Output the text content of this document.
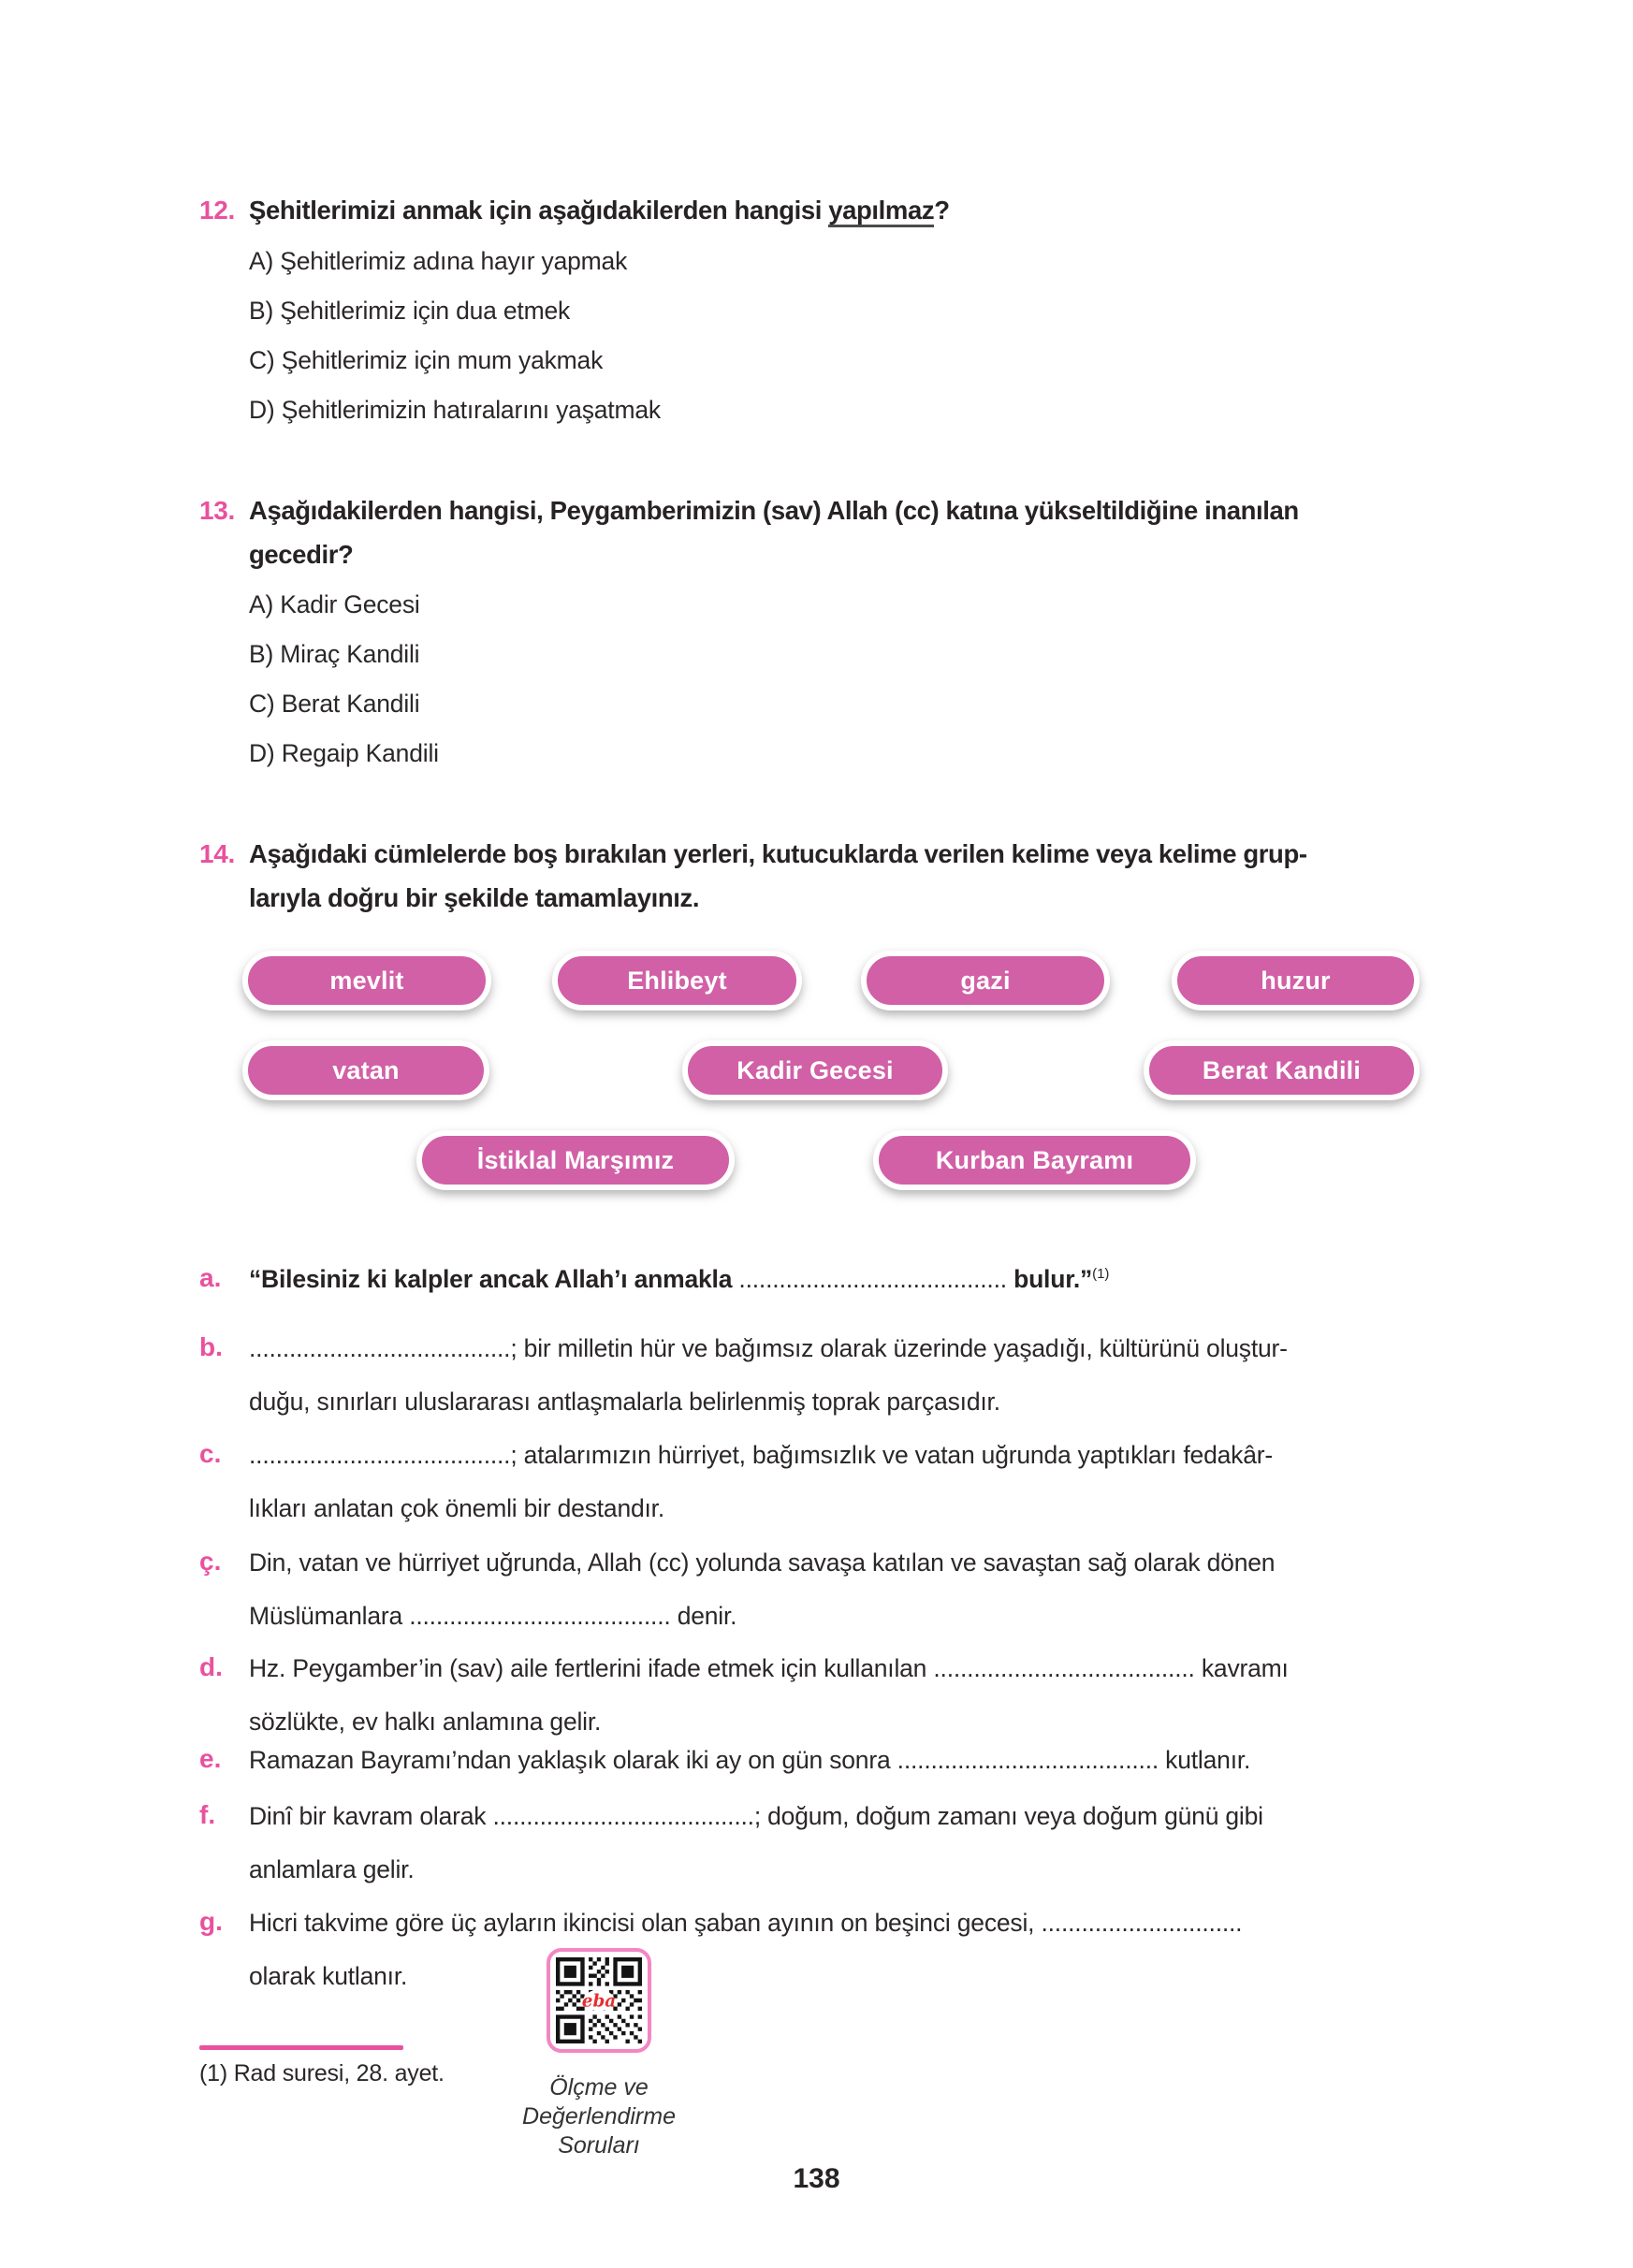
12. Şehitlerimizi anmak için aşağıdakilerden hangisi yapılmaz?
A) Şehitlerimiz adına hayır yapmak
B) Şehitlerimiz için dua etmek
C) Şehitlerimiz için mum yakmak
D) Şehitlerimizin hatıralarını yaşatmak
13. Aşağıdakilerden hangisi, Peygamberimizin (sav) Allah (cc) katına yükseltildiğine inanılan
gecedir?
A) Kadir Gecesi
B) Miraç Kandili
C) Berat Kandili
D) Regaip Kandili
14. Aşağıdaki cümlelerde boş bırakılan yerleri, kutucuklarda verilen kelime veya kelime grup-
larıyla doğru bir şekilde tamamlayınız.
mevlit	Ehlibeyt	gazi	huzur
vatan	Kadir Gecesi	Berat Kandili
İstiklal Marşımız	Kurban Bayramı
a. “Bilesiniz ki kalpler ancak Allah’ı anmakla ........................................ bulur.”$^{(1)}$
b. .......................................; bir milletin hür ve bağımsız olarak üzerinde yaşadığı, kültürünü oluştur-
duğu, sınırları uluslararası antlaşmalarla belirlenmiş toprak parçasıdır.
c. .......................................; atalarımızın hürriyet, bağımsızlık ve vatan uğrunda yaptıkları fedakâr-
lıkları anlatan çok önemli bir destandır.
ç. Din, vatan ve hürriyet uğrunda, Allah (cc) yolunda savaşa katılan ve savaştan sağ olarak dönen
Müslümanlara ....................................... denir.
d. Hz. Peygamber’in (sav) aile fertlerini ifade etmek için kullanılan ....................................... kavramı
sözlükte, ev halkı anlamına gelir.
e. Ramazan Bayramı’ndan yaklaşık olarak iki ay on gün sonra ....................................... kutlanır.
f. Dinî bir kavram olarak .......................................; doğum, doğum zamanı veya doğum günü gibi
anlamlara gelir.
g. Hicri takvime göre üç ayların ikincisi olan şaban ayının on beşinci gecesi, ..............................
olarak kutlanır.
(1) Rad suresi, 28. ayet.
eba
Ölçme ve
Değerlendirme
Soruları
138
